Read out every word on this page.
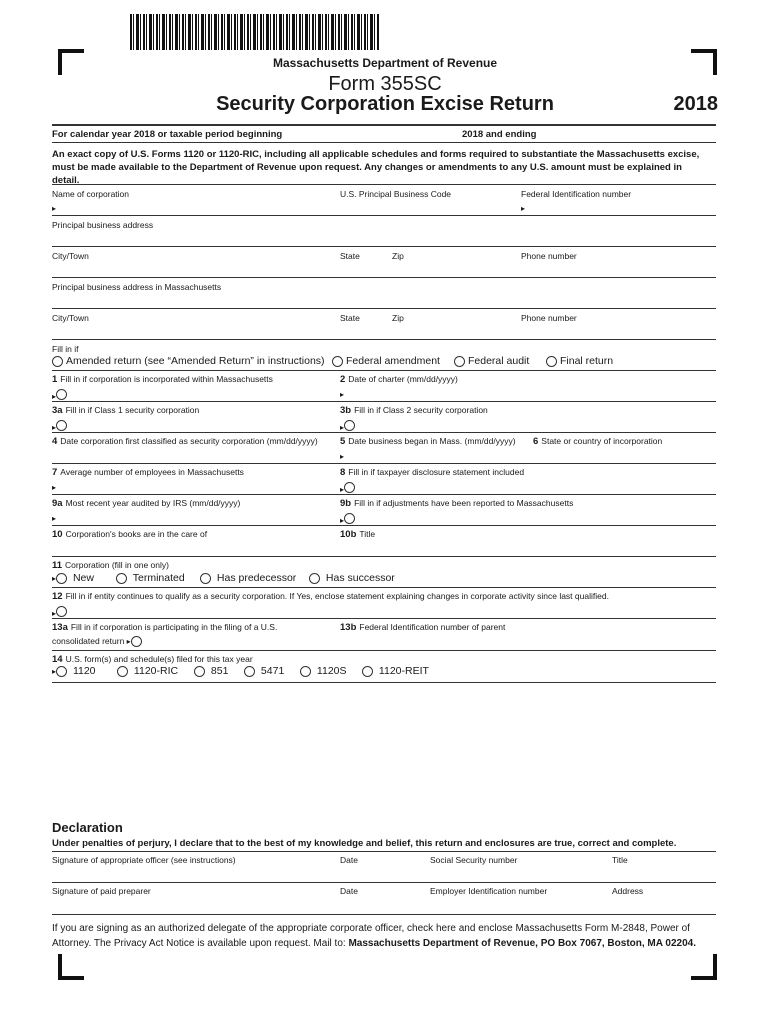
Massachusetts Department of Revenue
Form 355SC
Security Corporation Excise Return	2018
For calendar year 2018 or taxable period beginning	2018 and ending
An exact copy of U.S. Forms 1120 or 1120-RIC, including all applicable schedules and forms required to substantiate the Massachusetts excise, must be made available to the Department of Revenue upon request. Any changes or amendments to any U.S. amount must be explained in detail.
Name of corporation	U.S. Principal Business Code	Federal Identification number
▸	▸
Principal business address
City/Town	State	Zip	Phone number
Principal business address in Massachusetts
City/Town	State	Zip	Phone number
Fill in if
Amended return (see “Amended Return” in instructions)	Federal amendment	Federal audit	Final return
1 Fill in if corporation is incorporated within Massachusetts	2 Date of charter (mm/dd/yyyy)
▸	▸
3a Fill in if Class 1 security corporation	3b Fill in if Class 2 security corporation
▸	▸
4 Date corporation first classified as security corporation (mm/dd/yyyy) 5 Date business began in Mass. (mm/dd/yyyy) 6 State or country of incorporation
▸
7 Average number of employees in Massachusetts	8 Fill in if taxpayer disclosure statement included
▸	▸
9a Most recent year audited by IRS (mm/dd/yyyy)	9b Fill in if adjustments have been reported to Massachusetts
▸	▸
10 Corporation's books are in the care of	10b Title
11 Corporation (fill in one only)
▸ New	Terminated	Has predecessor	Has successor
12 Fill in if entity continues to qualify as a security corporation. If Yes, enclose statement explaining changes in corporate activity since last qualified.
▸
13a Fill in if corporation is participating in the filing of a U.S.	13b Federal Identification number of parent
consolidated return ▸
14 U.S. form(s) and schedule(s) filed for this tax year
▸ 1120	1120-RIC	851	5471	1120S	1120-REIT
Declaration
Under penalties of perjury, I declare that to the best of my knowledge and belief, this return and enclosures are true, correct and complete.
Signature of appropriate officer (see instructions)	Date	Social Security number	Title
Signature of paid preparer	Date	Employer Identification number	Address
If you are signing as an authorized delegate of the appropriate corporate officer, check here and enclose Massachusetts Form M-2848, Power of Attorney. The Privacy Act Notice is available upon request. Mail to: Massachusetts Department of Revenue, PO Box 7067, Boston, MA 02204.
